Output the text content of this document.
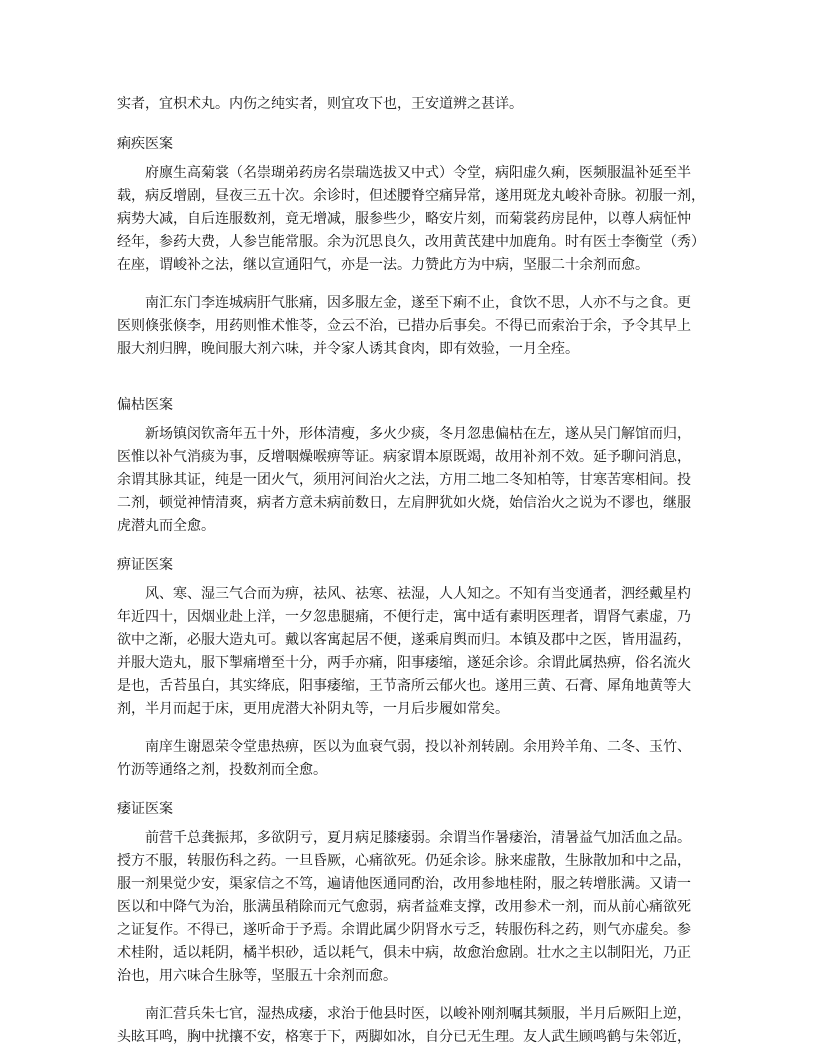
实者，宜枳术丸。内伤之纯实者，则宜攻下也，王安道辨之甚详。
痢疾医案
府廪生高菊裳（名崇瑚弟药房名崇瑞选拔又中式）令堂，病阳虚久痢，医频服温补延至半
载，病反增剧，昼夜三五十次。余诊时，但述腰脊空痛异常，遂用斑龙丸峻补奇脉。初服一剂，
病势大减，自后连服数剂，竟无增减，服参些少，略安片刻，而菊裳药房昆仲，以尊人病怔忡
经年，参药大费，人参岂能常服。余为沉思良久，改用黄芪建中加鹿角。时有医士李衡堂（秀）
在座，谓峻补之法，继以宣通阳气，亦是一法。力赞此方为中病，坚服二十余剂而愈。
南汇东门李连城病肝气胀痛，因多服左金，遂至下痢不止，食饮不思，人亦不与之食。更
医则倏张倏李，用药则惟术惟苓，佥云不治，已措办后事矣。不得已而索治于余，予令其早上
服大剂归脾，晚间服大剂六味，并令家人诱其食肉，即有效验，一月全痊。
偏枯医案
新场镇闵钦斋年五十外，形体清瘦，多火少痰，冬月忽患偏枯在左，遂从吴门解馆而归，
医惟以补气消痰为事，反增咽燥喉痹等证。病家谓本原既竭，故用补剂不效。延予聊问消息，
余谓其脉其证，纯是一团火气，须用河间治火之法，方用二地二冬知柏等，甘寒苦寒相间。投
二剂，顿觉神情清爽，病者方意未病前数日，左肩胛犹如火烧，始信治火之说为不谬也，继服
虎潜丸而全愈。
痹证医案
风、寒、湿三气合而为痹，祛风、祛寒、祛湿，人人知之。不知有当变通者，泗经戴星杓
年近四十，因烟业赴上洋，一夕忽患腿痛，不便行走，寓中适有素明医理者，谓肾气素虚，乃
欲中之渐，必服大造丸可。戴以客寓起居不便，遂乘肩舆而归。本镇及郡中之医，皆用温药，
并服大造丸，服下掣痛增至十分，两手亦痛，阳事痿缩，遂延余诊。余谓此属热痹，俗名流火
是也，舌苔虽白，其实绛底，阳事痿缩，王节斋所云郁火也。遂用三黄、石膏、犀角地黄等大
剂，半月而起于床，更用虎潜大补阴丸等，一月后步履如常矣。
南庠生谢恩荣令堂患热痹，医以为血衰气弱，投以补剂转剧。余用羚羊角、二冬、玉竹、
竹沥等通络之剂，投数剂而全愈。
痿证医案
前营千总龚振邦，多欲阴亏，夏月病足膝痿弱。余谓当作暑痿治，清暑益气加活血之品。
授方不服，转服伤科之药。一旦昏厥，心痛欲死。仍延余诊。脉来虚散，生脉散加和中之品，
服一剂果觉少安，渠家信之不笃，遍请他医通同酌治，改用参地桂附，服之转增胀满。又请一
医以和中降气为治，胀满虽稍除而元气愈弱，病者益难支撑，改用参术一剂，而从前心痛欲死
之证复作。不得已，遂听命于予焉。余谓此属少阴肾水亏乏，转服伤科之药，则气亦虚矣。参
术桂附，适以耗阴，橘半枳砂，适以耗气，俱未中病，故愈治愈剧。壮水之主以制阳光，乃正
治也，用六味合生脉等，坚服五十余剂而愈。
南汇营兵朱七官，湿热成痿，求治于他县时医，以峻补刚剂嘱其频服，半月后厥阳上逆，
头眩耳鸣，胸中扰攘不安，格寒于下，两脚如冰，自分已无生理。友人武生顾鸣鹤与朱邻近，
